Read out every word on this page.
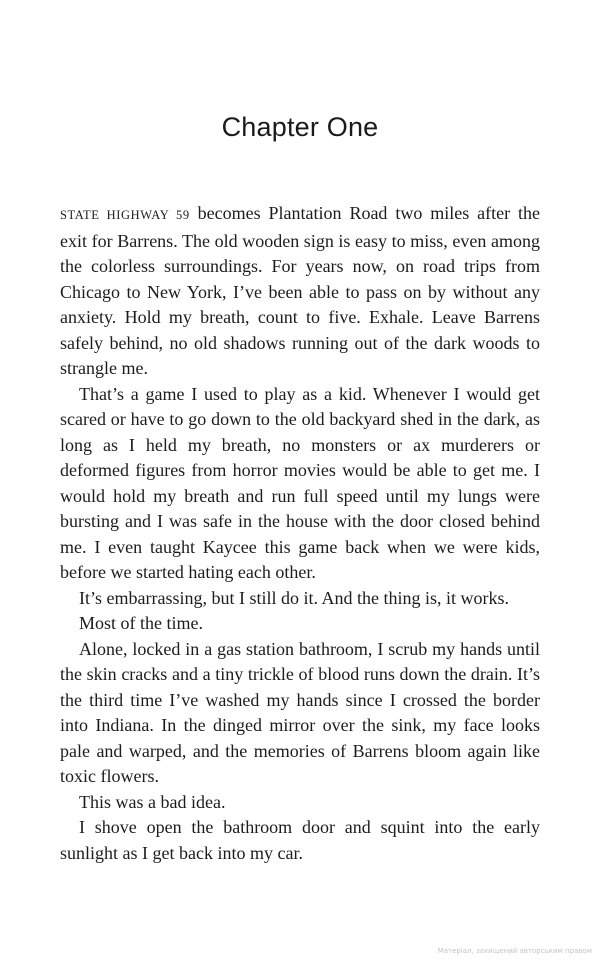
Chapter One

STATE HIGHWAY 59 becomes Plantation Road two miles after the exit for Barrens. The old wooden sign is easy to miss, even among the colorless surroundings. For years now, on road trips from Chicago to New York, I’ve been able to pass on by without any anxiety. Hold my breath, count to five. Exhale. Leave Barrens safely behind, no old shadows running out of the dark woods to strangle me.

That’s a game I used to play as a kid. Whenever I would get scared or have to go down to the old backyard shed in the dark, as long as I held my breath, no monsters or ax murderers or deformed figures from horror movies would be able to get me. I would hold my breath and run full speed until my lungs were bursting and I was safe in the house with the door closed behind me. I even taught Kaycee this game back when we were kids, before we started hating each other.

It’s embarrassing, but I still do it. And the thing is, it works.

Most of the time.

Alone, locked in a gas station bathroom, I scrub my hands until the skin cracks and a tiny trickle of blood runs down the drain. It’s the third time I’ve washed my hands since I crossed the border into Indiana. In the dinged mirror over the sink, my face looks pale and warped, and the memories of Barrens bloom again like toxic flowers.

This was a bad idea.

I shove open the bathroom door and squint into the early sunlight as I get back into my car.

Матеріал, захищений авторським правом
